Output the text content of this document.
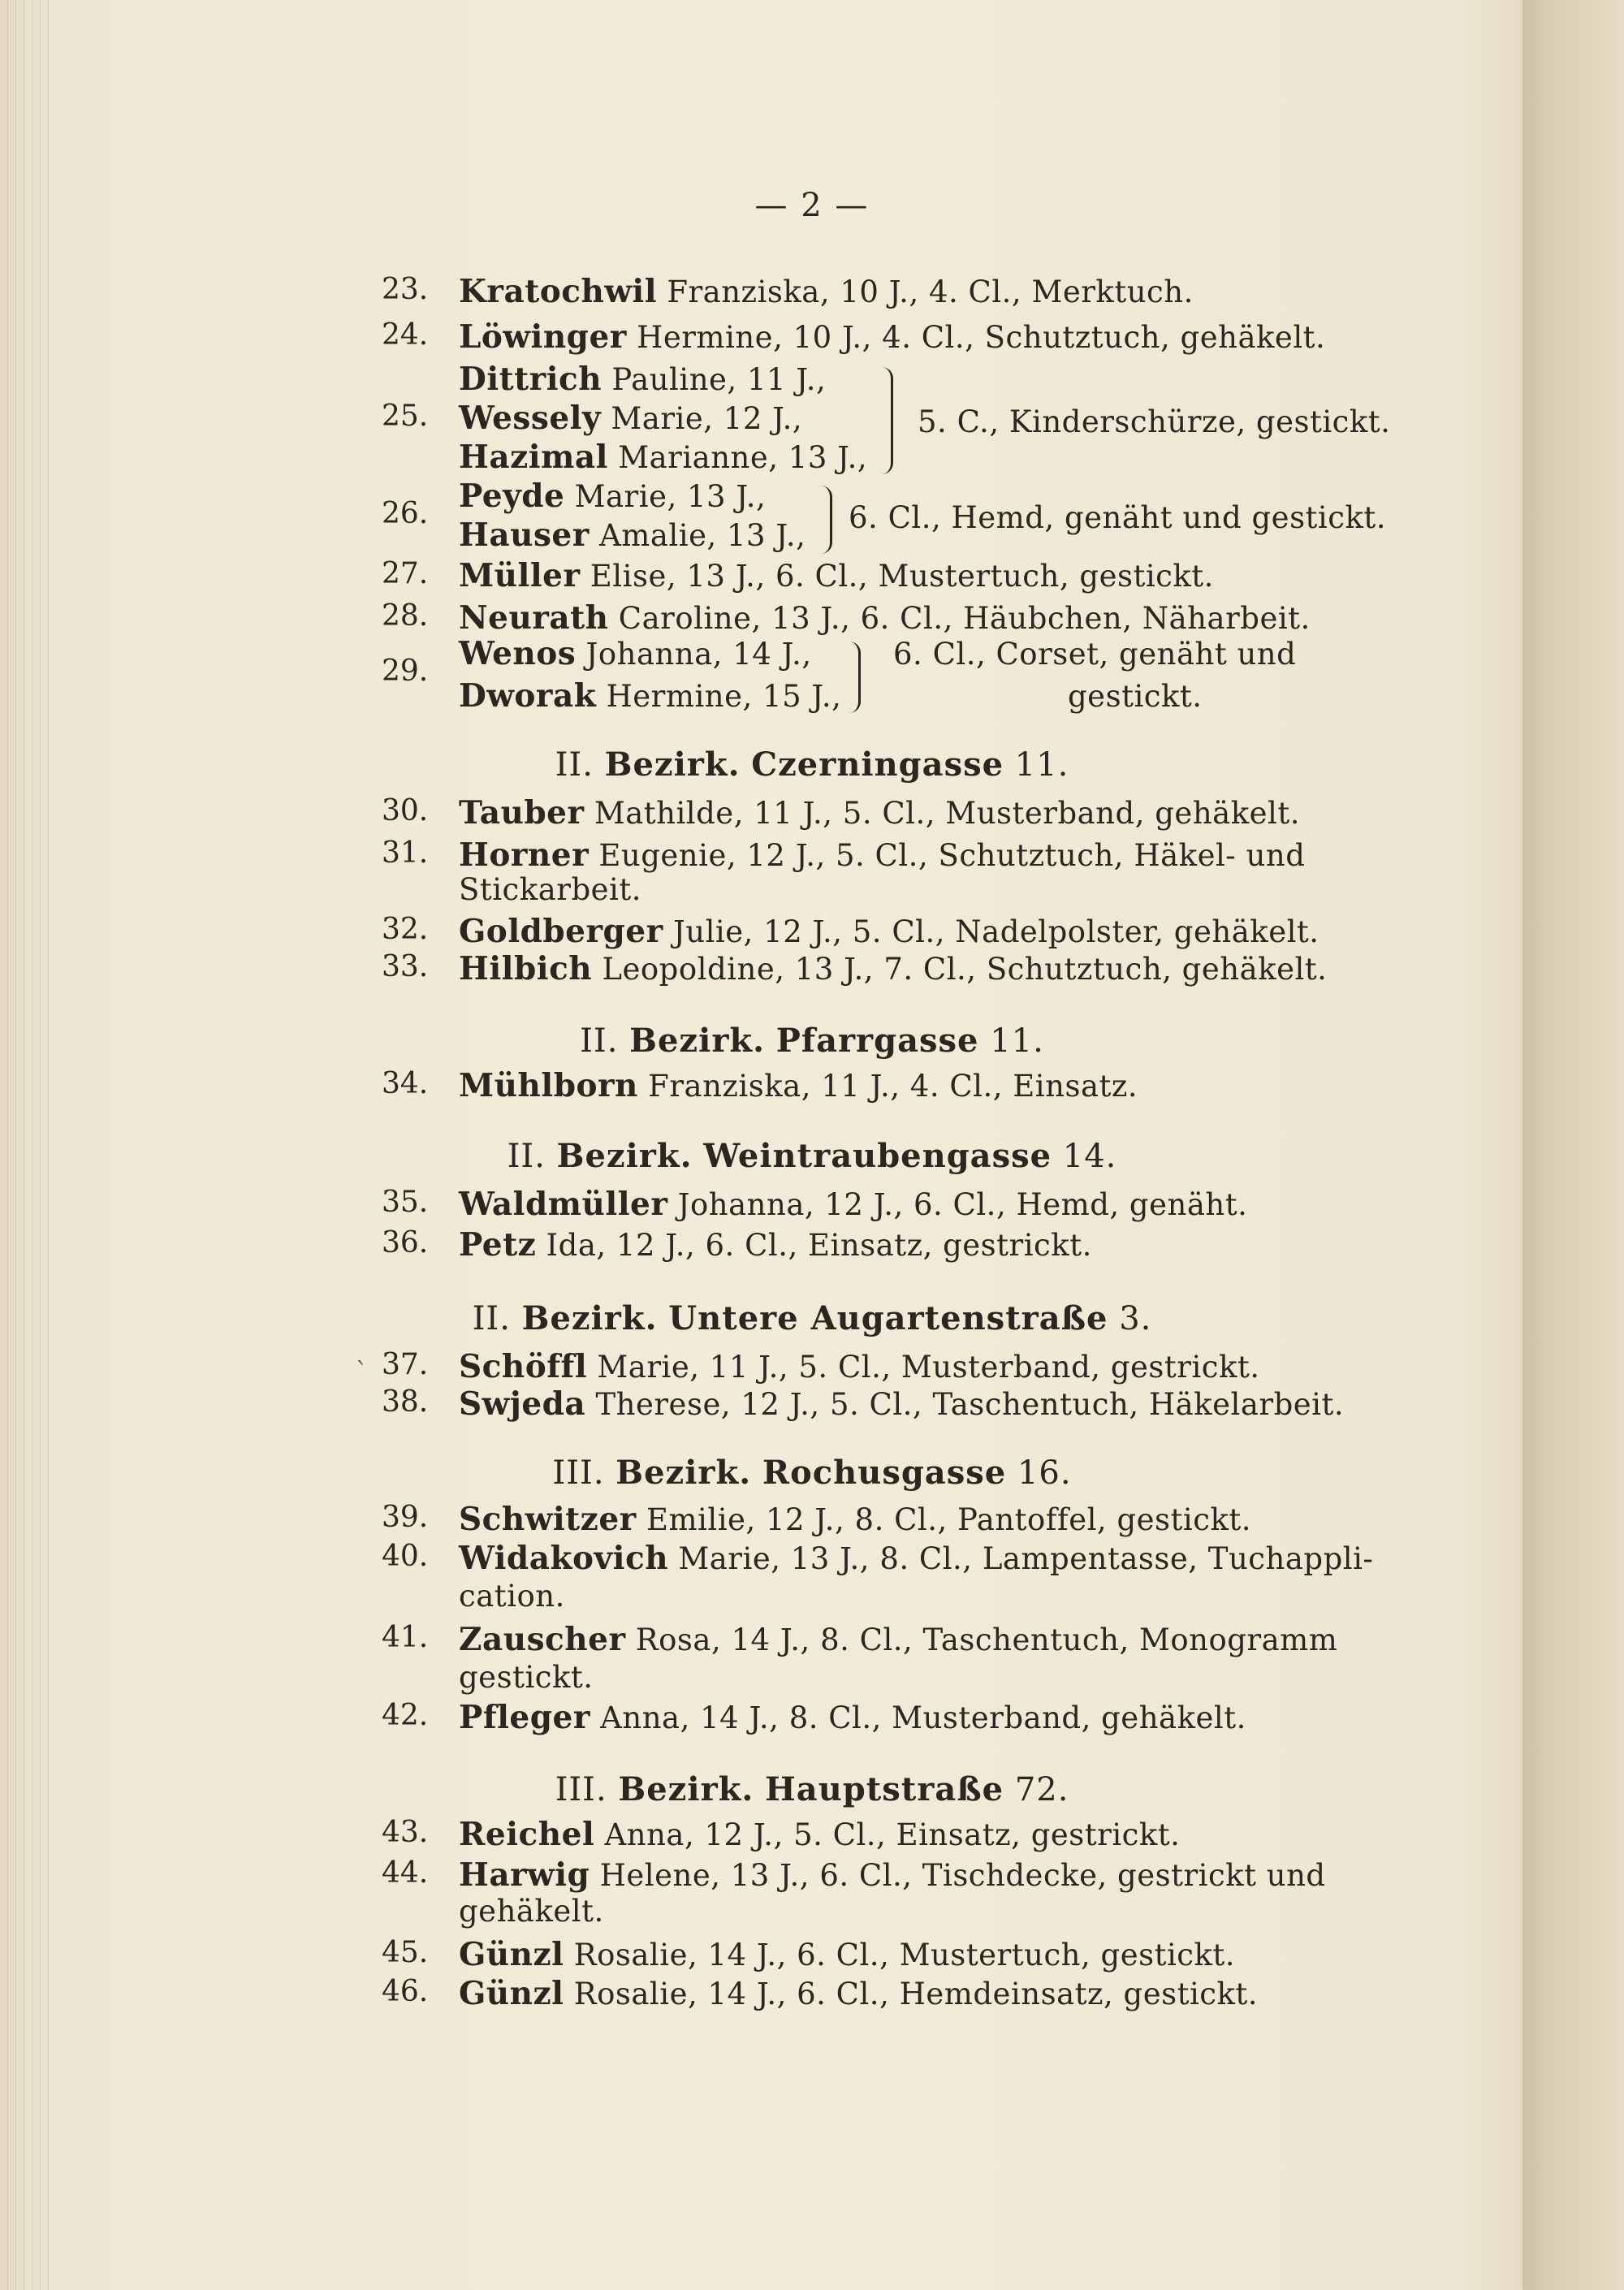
— 2 —
23. Kratochwil Franziska, 10 J., 4. Cl., Merktuch.
24. Löwinger Hermine, 10 J., 4. Cl., Schutztuch, gehäkelt.
Dittrich Pauline, 11 J.,
25. Wessely Marie, 12 J.,
Hazimal Marianne, 13 J.,
5. C., Kinderschürze, gestickt.
Peyde Marie, 13 J.,
26.
Hauser Amalie, 13 J.,
6. Cl., Hemd, genäht und gestickt.
27. Müller Elise, 13 J., 6. Cl., Mustertuch, gestickt.
28. Neurath Caroline, 13 J., 6. Cl., Häubchen, Näharbeit.
Wenos Johanna, 14 J.,
29.
Dworak Hermine, 15 J.,
6. Cl., Corset, genäht und
gestickt.
II. Bezirk. Czerningasse 11.
30. Tauber Mathilde, 11 J., 5. Cl., Musterband, gehäkelt.
31. Horner Eugenie, 12 J., 5. Cl., Schutztuch, Häkel- und
Stickarbeit.
32. Goldberger Julie, 12 J., 5. Cl., Nadelpolster, gehäkelt.
33. Hilbich Leopoldine, 13 J., 7. Cl., Schutztuch, gehäkelt.
II. Bezirk. Pfarrgasse 11.
34. Mühlborn Franziska, 11 J., 4. Cl., Einsatz.
II. Bezirk. Weintraubengasse 14.
35. Waldmüller Johanna, 12 J., 6. Cl., Hemd, genäht.
36. Petz Ida, 12 J., 6. Cl., Einsatz, gestrickt.
II. Bezirk. Untere Augartenstraße 3.
` 37. Schöffl Marie, 11 J., 5. Cl., Musterband, gestrickt.
38. Swjeda Therese, 12 J., 5. Cl., Taschentuch, Häkelarbeit.
III. Bezirk. Rochusgasse 16.
39. Schwitzer Emilie, 12 J., 8. Cl., Pantoffel, gestickt.
40. Widakovich Marie, 13 J., 8. Cl., Lampentasse, Tuchappli-
cation.
41. Zauscher Rosa, 14 J., 8. Cl., Taschentuch, Monogramm
gestickt.
42. Pfleger Anna, 14 J., 8. Cl., Musterband, gehäkelt.
III. Bezirk. Hauptstraße 72.
43. Reichel Anna, 12 J., 5. Cl., Einsatz, gestrickt.
44. Harwig Helene, 13 J., 6. Cl., Tischdecke, gestrickt und
gehäkelt.
45. Günzl Rosalie, 14 J., 6. Cl., Mustertuch, gestickt.
46. Günzl Rosalie, 14 J., 6. Cl., Hemdeinsatz, gestickt.
